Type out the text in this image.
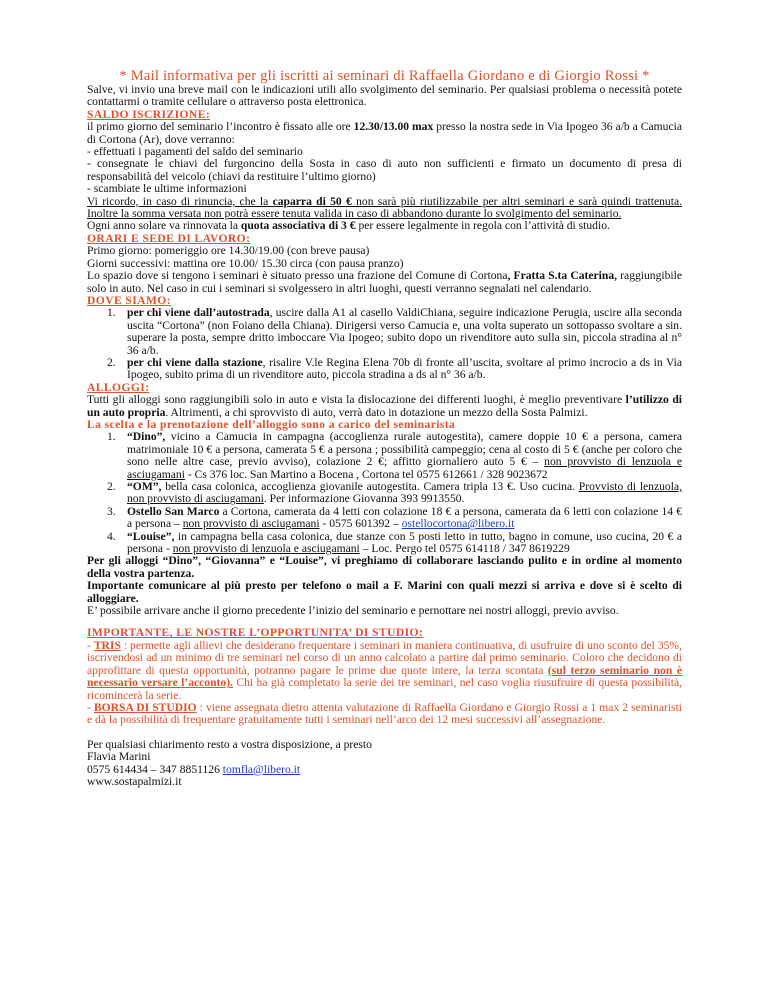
* Mail informativa per gli iscritti ai seminari di Raffaella Giordano e di Giorgio Rossi *

Salve, vi invio una breve mail con le indicazioni utili allo svolgimento del seminario. Per qualsiasi problema o necessità potete contattarmi o tramite cellulare o attraverso posta elettronica.

SALDO ISCRIZIONE:

il primo giorno del seminario l’incontro è fissato alle ore 12.30/13.00 max presso la nostra sede in Via Ipogeo 36 a/b a Camucia di Cortona (Ar), dove verranno:

- effettuati i pagamenti del saldo del seminario

- consegnate le chiavi del furgoncino della Sosta in caso di auto non sufficienti e firmato un documento di presa di responsabilità del veicolo (chiavi da restituire l’ultimo giorno)

- scambiate le ultime informazioni

Vi ricordo, in caso di rinuncia, che la caparra di 50 € non sarà più riutilizzabile per altri seminari e sarà quindi trattenuta. Inoltre la somma versata non potrà essere tenuta valida in caso di abbandono durante lo svolgimento del seminario.

Ogni anno solare va rinnovata la quota associativa di 3 € per essere legalmente in regola con l’attività di studio.

ORARI E SEDE DI LAVORO:

Primo giorno: pomeriggio ore 14.30/19.00 (con breve pausa)

Giorni successivi: mattina ore 10.00/ 15.30 circa (con pausa pranzo)

Lo spazio dove si tengono i seminari è situato presso una frazione del Comune di Cortona, Fratta S.ta Caterina, raggiungibile solo in auto. Nel caso in cui i seminari si svolgessero in altri luoghi, questi verranno segnalati nel calendario.

DOVE SIAMO:

1. per chi viene dall’autostrada, uscire dalla A1 al casello ValdiChiana, seguire indicazione Perugia, uscire alla seconda uscita “Cortona” (non Foiano della Chiana). Dirigersi verso Camucia e, una volta superato un sottopasso svoltare a sin. superare la posta, sempre dritto imboccare Via Ipogeo; subito dopo un rivenditore auto sulla sin, piccola stradina al n° 36 a/b.
2. per chi viene dalla stazione, risalire V.le Regina Elena 70b di fronte all’uscita, svoltare al primo incrocio a ds in Via Ipogeo, subito prima di un rivenditore auto, piccola stradina a ds al n° 36 a/b.

ALLOGGI:

Tutti gli alloggi sono raggiungibili solo in auto e vista la dislocazione dei differenti luoghi, è meglio preventivare l’utilizzo di un auto propria. Altrimenti, a chi sprovvisto di auto, verrà dato in dotazione un mezzo della Sosta Palmizi.

La scelta e la prenotazione dell’alloggio sono a carico del seminarista

1. “Dino”, vicino a Camucia in campagna (accoglienza rurale autogestita), camere doppie 10 € a persona, camera matrimoniale 10 € a persona, camerata 5 € a persona ; possibilità campeggio; cena al costo di 5 € (anche per coloro che sono nelle altre case, previo avviso), colazione 2 €; affitto giornaliero auto 5 € – non provvisto di lenzuola e asciugamani - Cs 376 loc. San Martino a Bocena , Cortona tel 0575 612661 / 328 9023672
2. “OM”, bella casa colonica, accoglienza giovanile autogestita. Camera tripla 13 €. Uso cucina. Provvisto di lenzuola, non provvisto di asciugamani. Per informazione Giovanna 393 9913550.
3. Ostello San Marco a Cortona, camerata da 4 letti con colazione 18 € a persona, camerata da 6 letti con colazione 14 € a persona – non provvisto di asciugamani - 0575 601392 – ostellocortona@libero.it
4. “Louise”, in campagna bella casa colonica, due stanze con 5 posti letto in tutto, bagno in comune, uso cucina, 20 € a persona - non provvisto di lenzuola e asciugamani – Loc. Pergo tel 0575 614118 / 347 8619229

Per gli alloggi “Dino”, “Giovanna” e “Louise”, vi preghiamo di collaborare lasciando pulito e in ordine al momento della vostra partenza.

Importante comunicare al più presto per telefono o mail a F. Marini con quali mezzi si arriva e dove si è scelto di alloggiare.

E’ possibile arrivare anche il giorno precedente l’inizio del seminario e pernottare nei nostri alloggi, previo avviso.

IMPORTANTE, LE NOSTRE L’OPPORTUNITA’ DI STUDIO:

- TRIS : permette agli allievi che desiderano frequentare i seminari in maniera continuativa, di usufruire di uno sconto del 35%, iscrivendosi ad un minimo di tre seminari nel corso di un anno calcolato a partire dal primo seminario. Coloro che decidono di approfittare di questa opportunità, potranno pagare le prime due quote intere, la terza scontata (sul terzo seminario non è necessario versare l’acconto). Chi ha già completato la serie dei tre seminari, nel caso voglia riusufruire di questa possibilità, ricomincerà la serie.

- BORSA DI STUDIO : viene assegnata dietro attenta valutazione di Raffaella Giordano e Giorgio Rossi a 1 max 2 seminaristi e dà la possibilità di frequentare gratuitamente tutti i seminari nell’arco dei 12 mesi successivi all’assegnazione.

Per qualsiasi chiarimento resto a vostra disposizione, a presto

Flavia Marini

0575 614434 – 347 8851126 tomfla@libero.it

www.sostapalmizi.it
